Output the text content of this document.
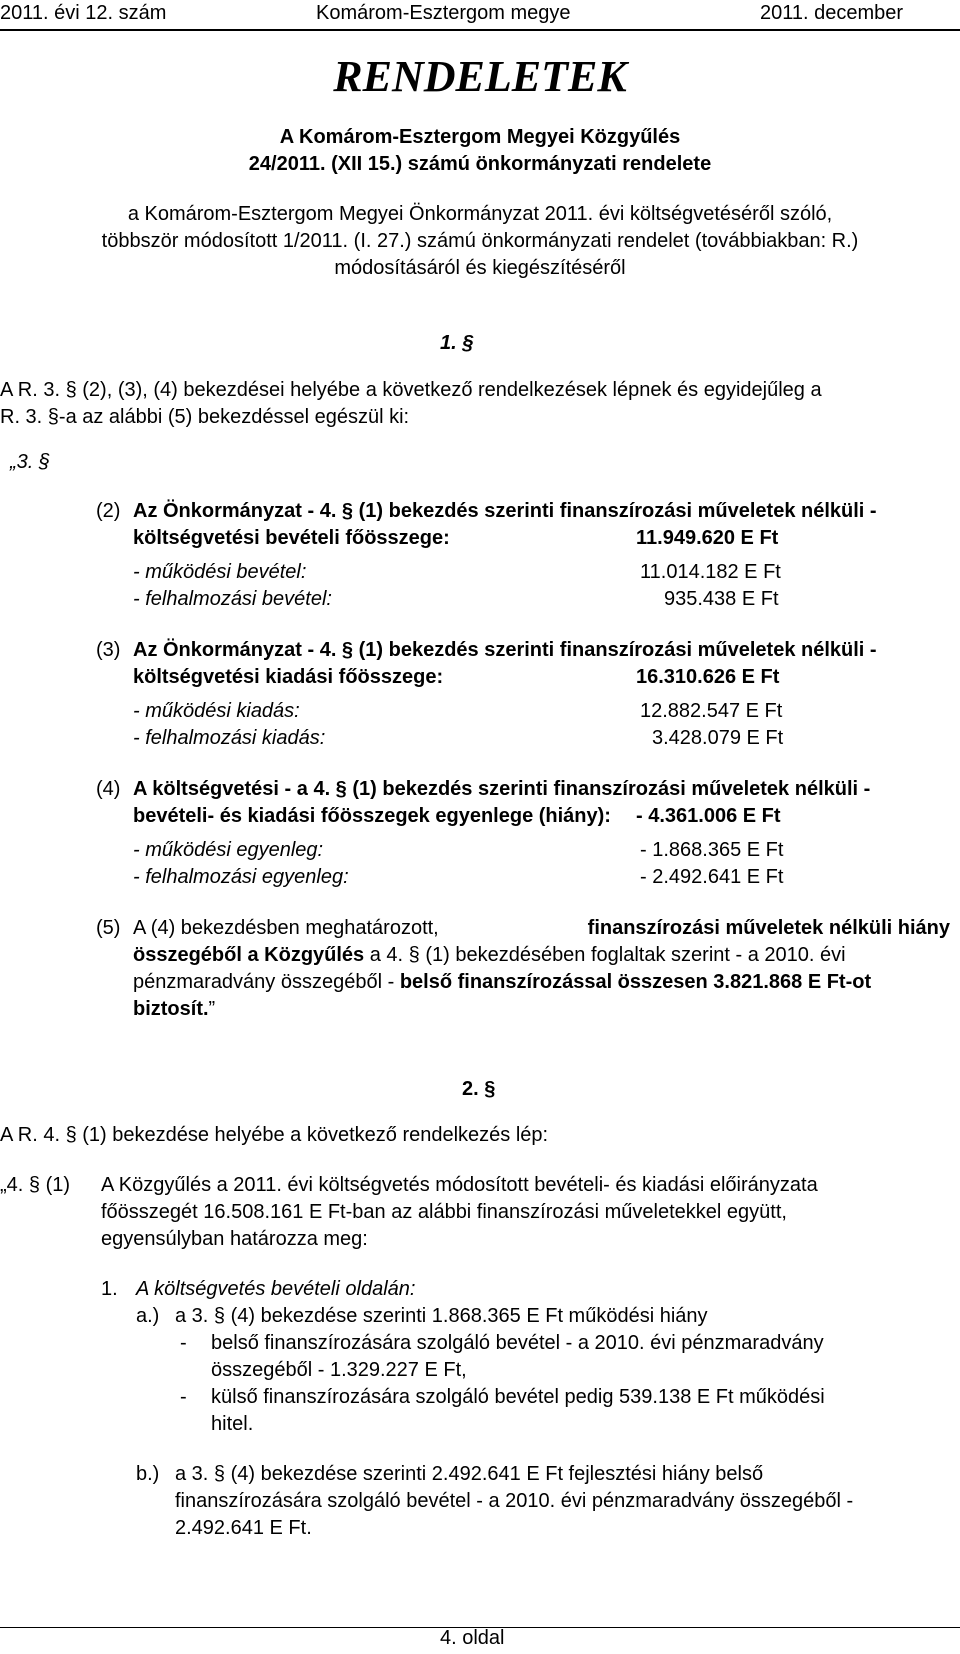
2011. évi 12. szám	Komárom-Esztergom megye	2011. december
RENDELETEK
A Komárom-Esztergom Megyei Közgyűlés
24/2011. (XII 15.) számú önkormányzati rendelete
a Komárom-Esztergom Megyei Önkormányzat 2011. évi költségvetéséről szóló,
többször módosított 1/2011. (I. 27.) számú önkormányzati rendelet (továbbiakban: R.)
módosításáról és kiegészítéséről
1. §
A R. 3. § (2), (3), (4) bekezdései helyébe a következő rendelkezések lépnek és egyidejűleg a
R. 3. §-a az alábbi (5) bekezdéssel egészül ki:
„3. §
(2) Az Önkormányzat - 4. § (1) bekezdés szerinti finanszírozási műveletek nélküli -
költségvetési bevételi főösszege:	11.949.620 E Ft
- működési bevétel:	11.014.182 E Ft
- felhalmozási bevétel:	935.438 E Ft
(3) Az Önkormányzat - 4. § (1) bekezdés szerinti finanszírozási műveletek nélküli -
költségvetési kiadási főösszege:	16.310.626 E Ft
- működési kiadás:	12.882.547 E Ft
- felhalmozási kiadás:	3.428.079 E Ft
(4) A költségvetési - a 4. § (1) bekezdés szerinti finanszírozási műveletek nélküli -
bevételi- és kiadási főösszegek egyenlege (hiány): - 4.361.006 E Ft
- működési egyenleg:	- 1.868.365 E Ft
- felhalmozási egyenleg:	- 2.492.641 E Ft
(5) A (4) bekezdésben meghatározott,	finanszírozási műveletek nélküli hiány
összegéből a Közgyűlés a 4. § (1) bekezdésében foglaltak szerint - a 2010. évi
pénzmaradvány összegéből - belső finanszírozással összesen 3.821.868 E Ft-ot
biztosít.”
2. §
A R. 4. § (1) bekezdése helyébe a következő rendelkezés lép:
„4. § (1) A Közgyűlés a 2011. évi költségvetés módosított bevételi- és kiadási előirányzata
főösszegét 16.508.161 E Ft-ban az alábbi finanszírozási műveletekkel együtt,
egyensúlyban határozza meg:
1. A költségvetés bevételi oldalán:
a.) a 3. § (4) bekezdése szerinti 1.868.365 E Ft működési hiány
- belső finanszírozására szolgáló bevétel - a 2010. évi pénzmaradvány
összegéből - 1.329.227 E Ft,
- külső finanszírozására szolgáló bevétel pedig 539.138 E Ft működési
hitel.
b.) a 3. § (4) bekezdése szerinti 2.492.641 E Ft fejlesztési hiány belső
finanszírozására szolgáló bevétel - a 2010. évi pénzmaradvány összegéből -
2.492.641 E Ft.
4. oldal
